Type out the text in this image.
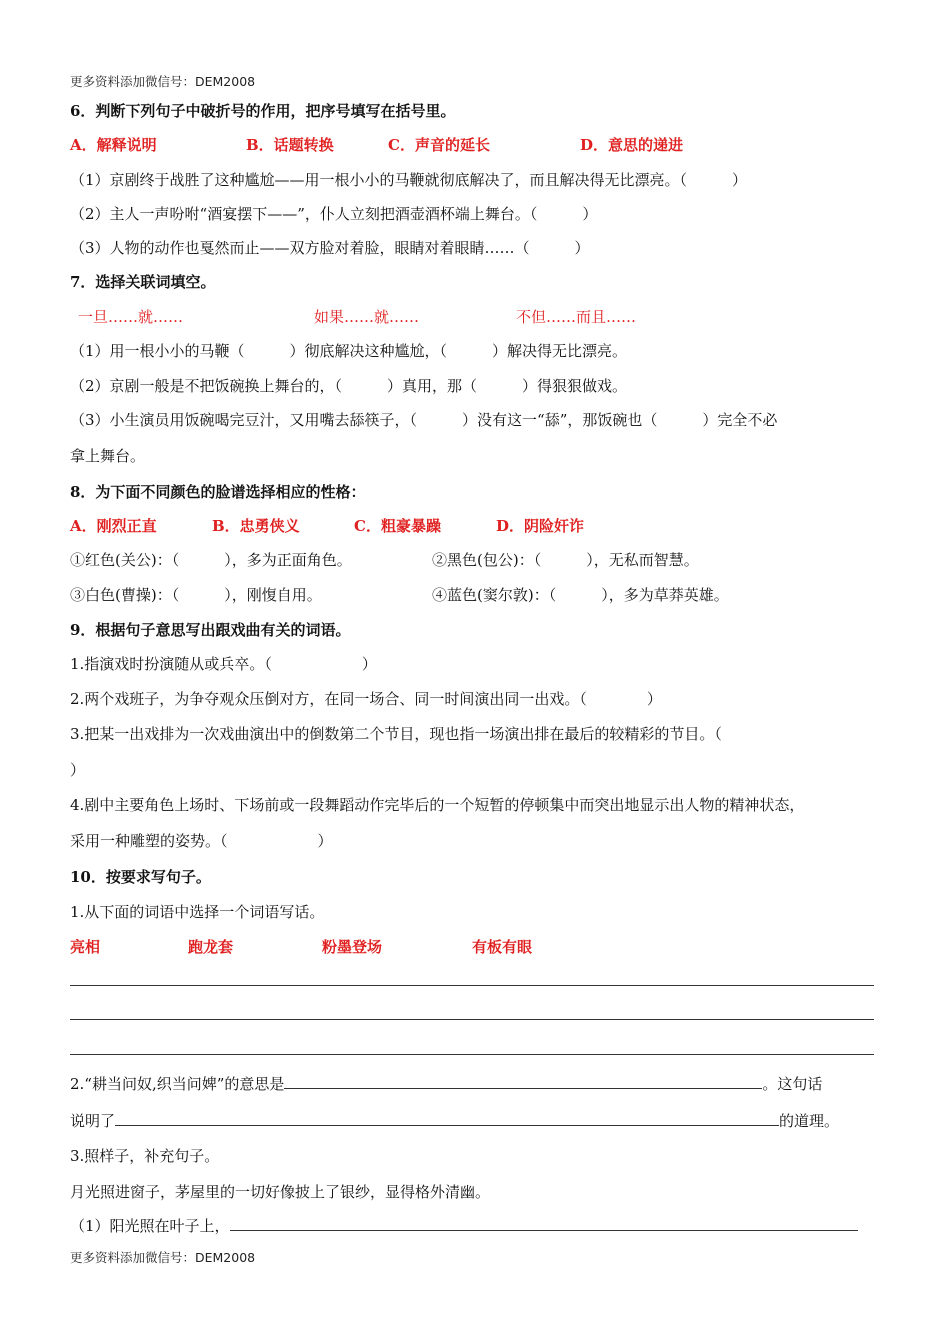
更多资料添加微信号：DEM2008
6．判断下列句子中破折号的作用，把序号填写在括号里。
A．解释说明	B．话题转换	C．声音的延长	D．意思的递进
（1）京剧终于战胜了这种尴尬——用一根小小的马鞭就彻底解决了，而且解决得无比漂亮。（　　　）
（2）主人一声吩咐“酒宴摆下——”，仆人立刻把酒壶酒杯端上舞台。（　　　）
（3）人物的动作也戛然而止——双方脸对着脸，眼睛对着眼睛……（　　　）
7．选择关联词填空。
一旦……就……	如果……就……	不但……而且……
（1）用一根小小的马鞭（　　　）彻底解决这种尴尬，（　　　）解决得无比漂亮。
（2）京剧一般是不把饭碗换上舞台的，（　　　）真用，那（　　　）得狠狠做戏。
（3）小生演员用饭碗喝完豆汁，又用嘴去舔筷子，（　　　）没有这一“舔”，那饭碗也（　　　）完全不必
拿上舞台。
8．为下面不同颜色的脸谱选择相应的性格：
A．刚烈正直	B．忠勇侠义	C．粗豪暴躁	D．阴险奸诈
①红色(关公)：（　　　），多为正面角色。	②黑色(包公)：（　　　），无私而智慧。
③白色(曹操)：（　　　），刚愎自用。	④蓝色(窦尔敦)：（　　　），多为草莽英雄。
9．根据句子意思写出跟戏曲有关的词语。
1.指演戏时扮演随从或兵卒。（　　　　　　）
2.两个戏班子，为争夺观众压倒对方，在同一场合、同一时间演出同一出戏。（　　　　）
3.把某一出戏排为一次戏曲演出中的倒数第二个节目，现也指一场演出排在最后的较精彩的节目。（
）
4.剧中主要角色上场时、下场前或一段舞蹈动作完毕后的一个短暂的停顿集中而突出地显示出人物的精神状态，
采用一种雕塑的姿势。（　　　　　　）
10．按要求写句子。
1.从下面的词语中选择一个词语写话。
亮相	跑龙套	粉墨登场	有板有眼
2.“耕当问奴,织当问婢”的意思是	。这句话
说明了	的道理。
3.照样子，补充句子。
月光照进窗子，茅屋里的一切好像披上了银纱，显得格外清幽。
（1）阳光照在叶子上，
更多资料添加微信号：DEM2008
